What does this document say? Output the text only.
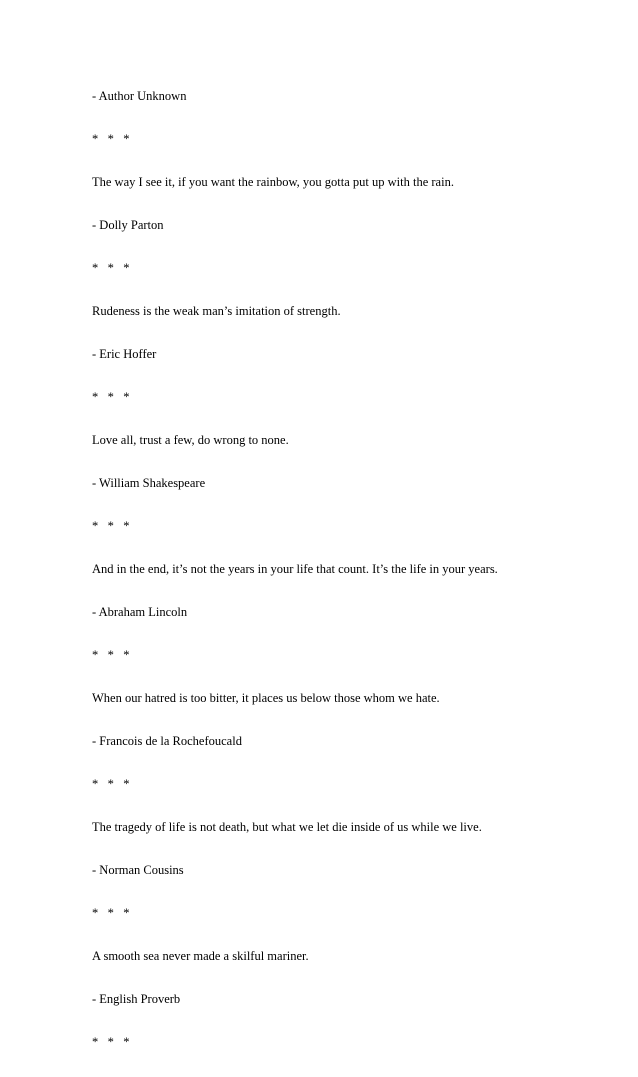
- Author Unknown
*   *   *
The way I see it, if you want the rainbow, you gotta put up with the rain.
- Dolly Parton
*   *   *
Rudeness is the weak man’s imitation of strength.
- Eric Hoffer
*   *   *
Love all, trust a few, do wrong to none.
- William Shakespeare
*   *   *
And in the end, it’s not the years in your life that count. It’s the life in your years.
- Abraham Lincoln
*   *   *
When our hatred is too bitter, it places us below those whom we hate.
- Francois de la Rochefoucald
*   *   *
The tragedy of life is not death, but what we let die inside of us while we live.
- Norman Cousins
*   *   *
A smooth sea never made a skilful mariner.
- English Proverb
*   *   *
